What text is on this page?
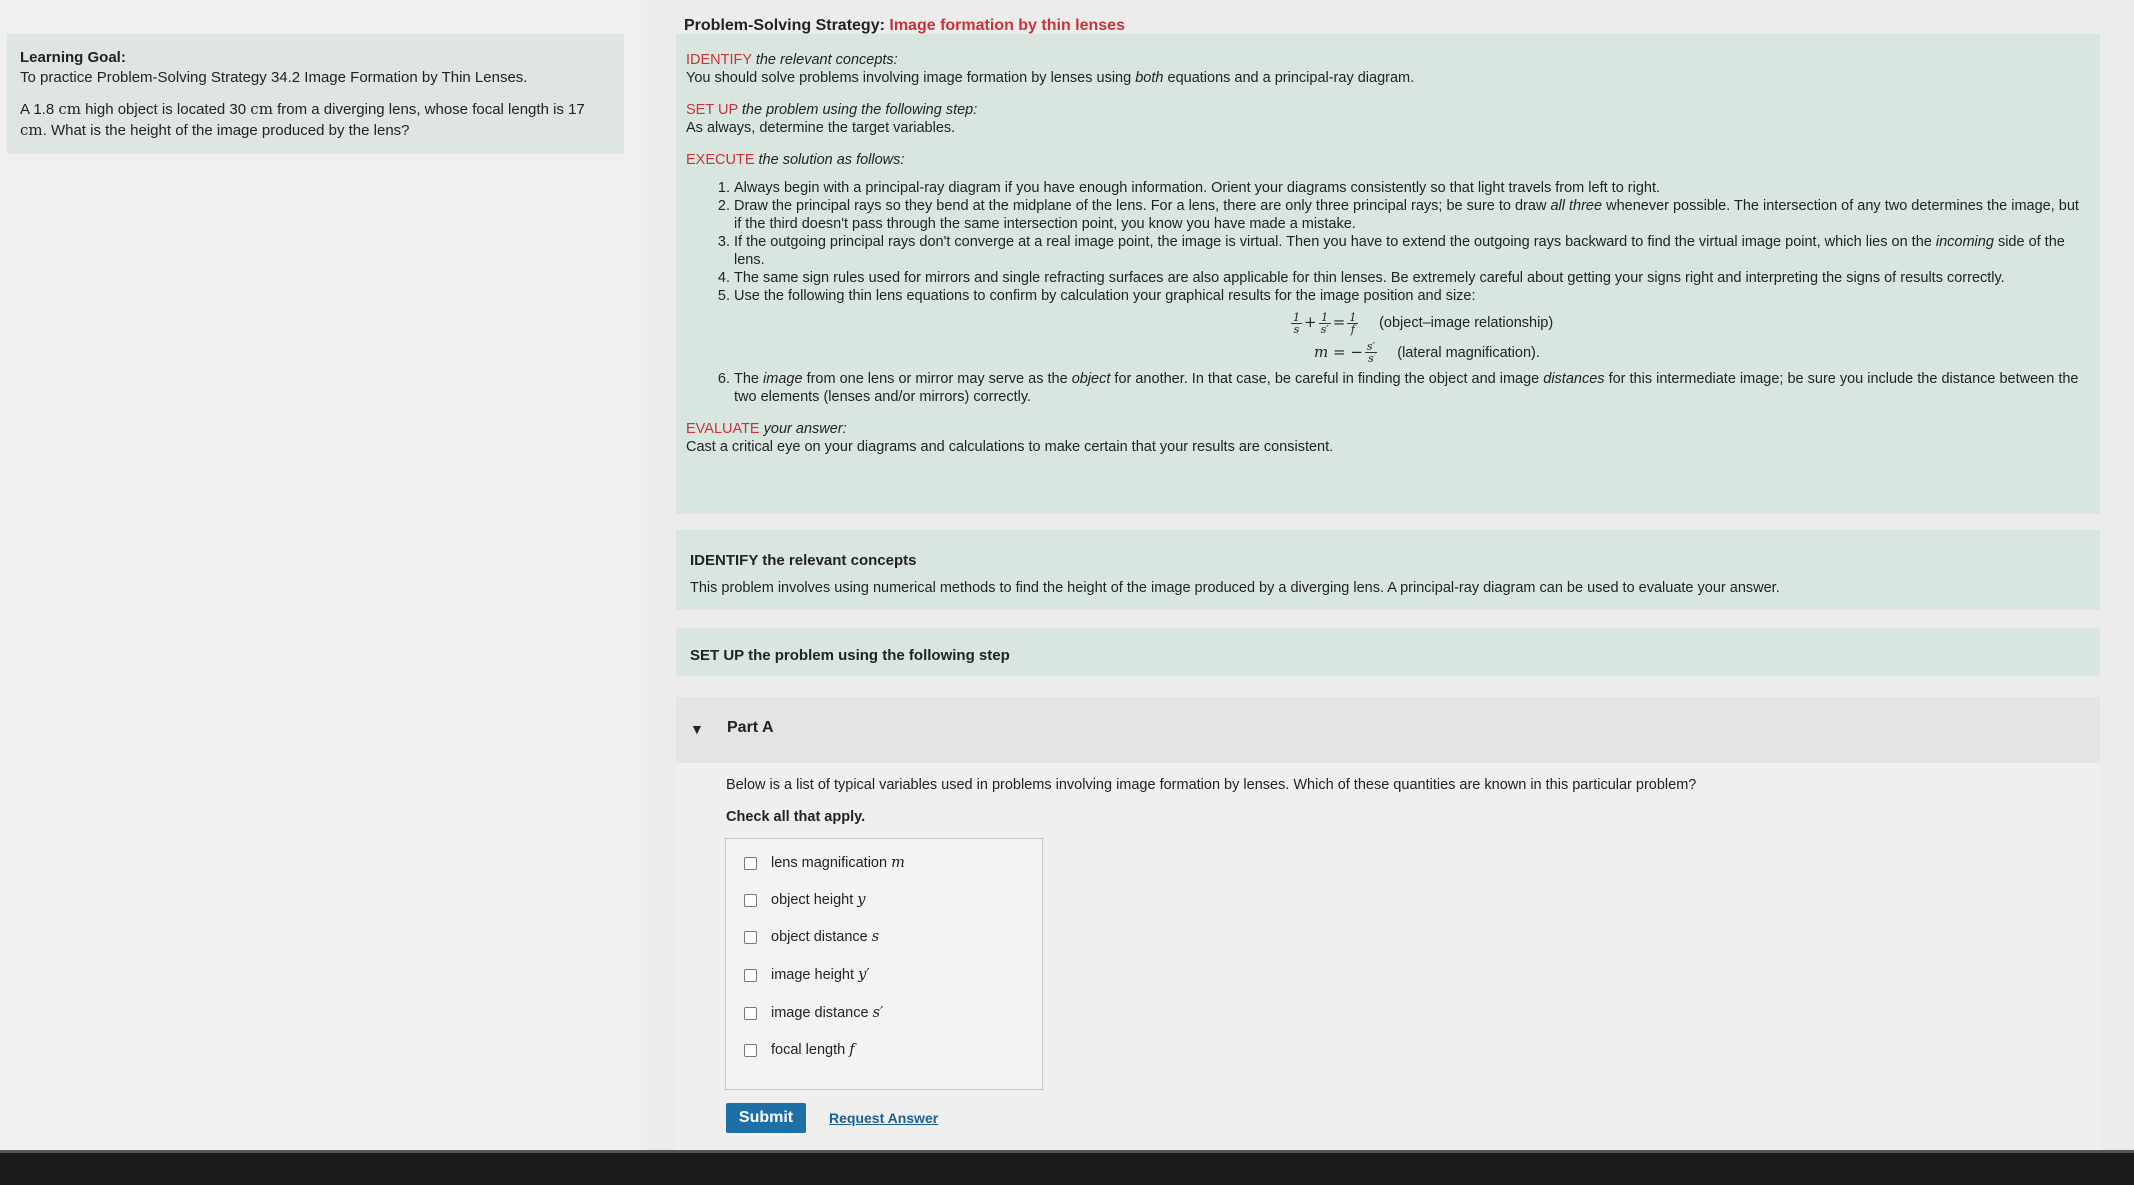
Learning Goal:

To practice Problem-Solving Strategy 34.2 Image Formation by Thin Lenses.

A 1.8 cm high object is located 30 cm from a diverging lens, whose focal length is 17 cm. What is the height of the image produced by the lens?

Problem-Solving Strategy: Image formation by thin lenses

IDENTIFY the relevant concepts:

You should solve problems involving image formation by lenses using both equations and a principal-ray diagram.

SET UP the problem using the following step:

As always, determine the target variables.

EXECUTE the solution as follows:

1. Always begin with a principal-ray diagram if you have enough information. Orient your diagrams consistently so that light travels from left to right.
2. Draw the principal rays so they bend at the midplane of the lens. For a lens, there are only three principal rays; be sure to draw all three whenever possible. The intersection of any two determines the image, but if the third doesn't pass through the same intersection point, you know you have made a mistake.
3. If the outgoing principal rays don't converge at a real image point, the image is virtual. Then you have to extend the outgoing rays backward to find the virtual image point, which lies on the incoming side of the lens.
4. The same sign rules used for mirrors and single refracting surfaces are also applicable for thin lenses. Be extremely careful about getting your signs right and interpreting the signs of results correctly.
5. Use the following thin lens equations to confirm by calculation your graphical results for the image position and size:
$\frac{1}{s} + \frac{1}{s'} = \frac{1}{f}$ (object–image relationship)
m = − $\frac{s'}{s}$ (lateral magnification).
6. The image from one lens or mirror may serve as the object for another. In that case, be careful in finding the object and image distances for this intermediate image; be sure you include the distance between the two elements (lenses and/or mirrors) correctly.

EVALUATE your answer:

Cast a critical eye on your diagrams and calculations to make certain that your results are consistent.

IDENTIFY the relevant concepts
This problem involves using numerical methods to find the height of the image produced by a diverging lens. A principal-ray diagram can be used to evaluate your answer.
SET UP the problem using the following step
▼ Part A
Below is a list of typical variables used in problems involving image formation by lenses. Which of these quantities are known in this particular problem?
Check all that apply.
lens magnification
m
object height
y
object distance
s
image height
y′
image distance
s′
focal length
f
Submit	Request Answer
